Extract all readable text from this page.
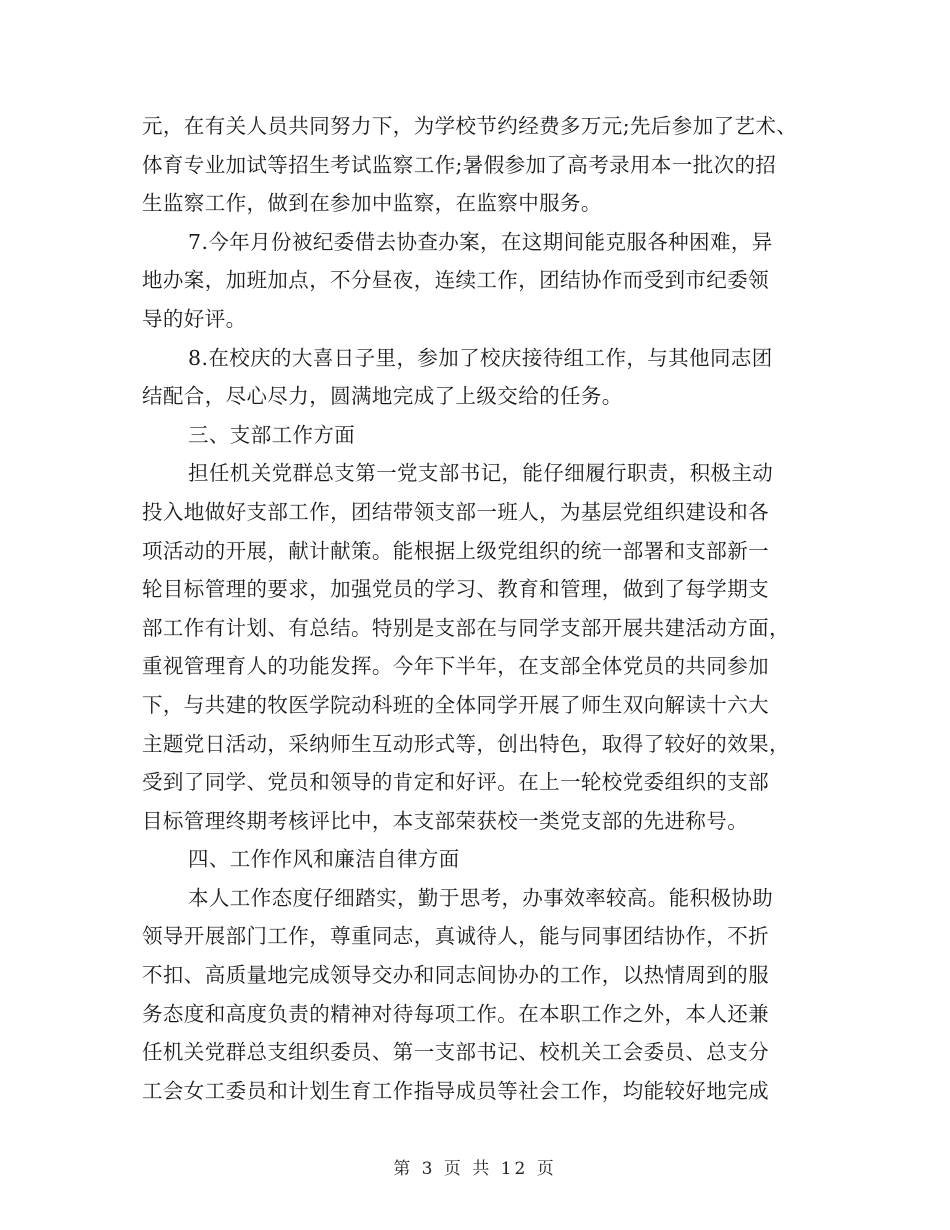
元，在有关人员共同努力下，为学校节约经费多万元;先后参加了艺术、
体育专业加试等招生考试监察工作;暑假参加了高考录用本一批次的招
生监察工作，做到在参加中监察，在监察中服务。
7.今年月份被纪委借去协查办案，在这期间能克服各种困难，异
地办案，加班加点，不分昼夜，连续工作，团结协作而受到市纪委领
导的好评。
8.在校庆的大喜日子里，参加了校庆接待组工作，与其他同志团
结配合，尽心尽力，圆满地完成了上级交给的任务。
三、支部工作方面
担任机关党群总支第一党支部书记，能仔细履行职责，积极主动
投入地做好支部工作，团结带领支部一班人，为基层党组织建设和各
项活动的开展，献计献策。能根据上级党组织的统一部署和支部新一
轮目标管理的要求，加强党员的学习、教育和管理，做到了每学期支
部工作有计划、有总结。特别是支部在与同学支部开展共建活动方面，
重视管理育人的功能发挥。今年下半年，在支部全体党员的共同参加
下，与共建的牧医学院动科班的全体同学开展了师生双向解读十六大
主题党日活动，采纳师生互动形式等，创出特色，取得了较好的效果，
受到了同学、党员和领导的肯定和好评。在上一轮校党委组织的支部
目标管理终期考核评比中，本支部荣获校一类党支部的先进称号。
四、工作作风和廉洁自律方面
本人工作态度仔细踏实，勤于思考，办事效率较高。能积极协助
领导开展部门工作，尊重同志，真诚待人，能与同事团结协作，不折
不扣、高质量地完成领导交办和同志间协办的工作，以热情周到的服
务态度和高度负责的精神对待每项工作。在本职工作之外，本人还兼
任机关党群总支组织委员、第一支部书记、校机关工会委员、总支分
工会女工委员和计划生育工作指导成员等社会工作，均能较好地完成
第 3 页 共 12 页
